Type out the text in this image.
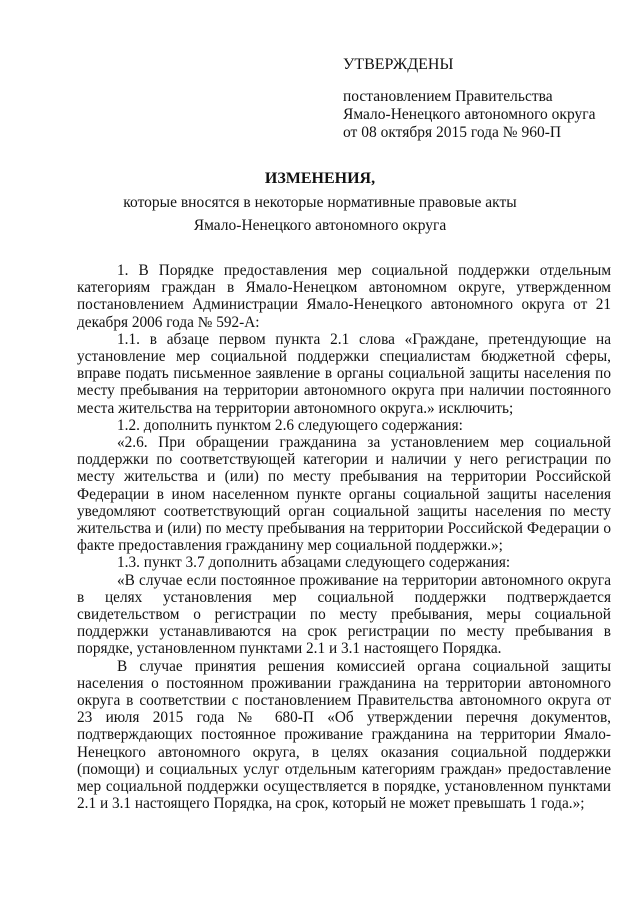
УТВЕРЖДЕНЫ
постановлением Правительства
Ямало-Ненецкого автономного округа
от 08 октября 2015 года № 960-П
ИЗМЕНЕНИЯ,
которые вносятся в некоторые нормативные правовые акты
Ямало-Ненецкого автономного округа

1. В Порядке предоставления мер социальной поддержки отдельным категориям граждан в Ямало-Ненецком автономном округе, утвержденном постановлением Администрации Ямало-Ненецкого автономного округа от 21 декабря 2006 года № 592-А:

1.1. в абзаце первом пункта 2.1 слова «Граждане, претендующие на установление мер социальной поддержки специалистам бюджетной сферы, вправе подать письменное заявление в органы социальной защиты населения по месту пребывания на территории автономного округа при наличии постоянного места жительства на территории автономного округа.» исключить;

1.2. дополнить пунктом 2.6 следующего содержания:

«2.6. При обращении гражданина за установлением мер социальной поддержки по соответствующей категории и наличии у него регистрации по месту жительства и (или) по месту пребывания на территории Российской Федерации в ином населенном пункте органы социальной защиты населения уведомляют соответствующий орган социальной защиты населения по месту жительства и (или) по месту пребывания на территории Российской Федерации о факте предоставления гражданину мер социальной поддержки.»;

1.3. пункт 3.7 дополнить абзацами следующего содержания:

«В случае если постоянное проживание на территории автономного округа в целях установления мер социальной поддержки подтверждается свидетельством о регистрации по месту пребывания, меры социальной поддержки устанавливаются на срок регистрации по месту пребывания в порядке, установленном пунктами 2.1 и 3.1 настоящего Порядка.

В случае принятия решения комиссией органа социальной защиты населения о постоянном проживании гражданина на территории автономного округа в соответствии с постановлением Правительства автономного округа от 23 июля 2015 года № 680-П «Об утверждении перечня документов, подтверждающих постоянное проживание гражданина на территории Ямало-Ненецкого автономного округа, в целях оказания социальной поддержки (помощи) и социальных услуг отдельным категориям граждан» предоставление мер социальной поддержки осуществляется в порядке, установленном пунктами 2.1 и 3.1 настоящего Порядка, на срок, который не может превышать 1 года.»;
